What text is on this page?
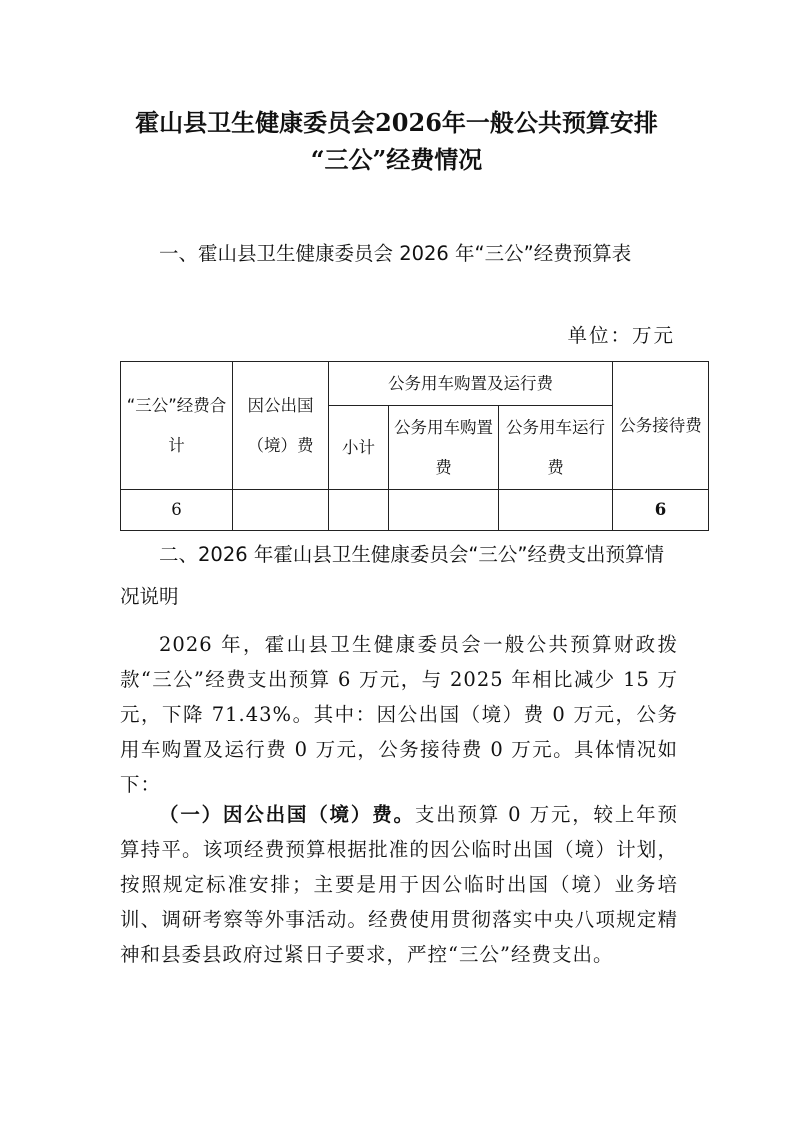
霍山县卫生健康委员会2026年一般公共预算安排
“三公”经费情况
一、霍山县卫生健康委员会 2026 年“三公”经费预算表
单位：万元
“三公”经费合计	因公出国（境）费	公务用车购置及运行费			公务接待费
		小计	公务用车购置费	公务用车运行费	
6					6
二、2026 年霍山县卫生健康委员会“三公”经费支出预算情况说明
2026 年，霍山县卫生健康委员会一般公共预算财政拨款“三公”经费支出预算 6 万元，与 2025 年相比减少 15 万元，下降 71.43%。其中：因公出国（境）费 0 万元，公务用车购置及运行费 0 万元，公务接待费 0 万元。具体情况如下：
（一）因公出国（境）费。支出预算 0 万元，较上年预算持平。该项经费预算根据批准的因公临时出国（境）计划，按照规定标准安排；主要是用于因公临时出国（境）业务培训、调研考察等外事活动。经费使用贯彻落实中央八项规定精神和县委县政府过紧日子要求，严控“三公”经费支出。
